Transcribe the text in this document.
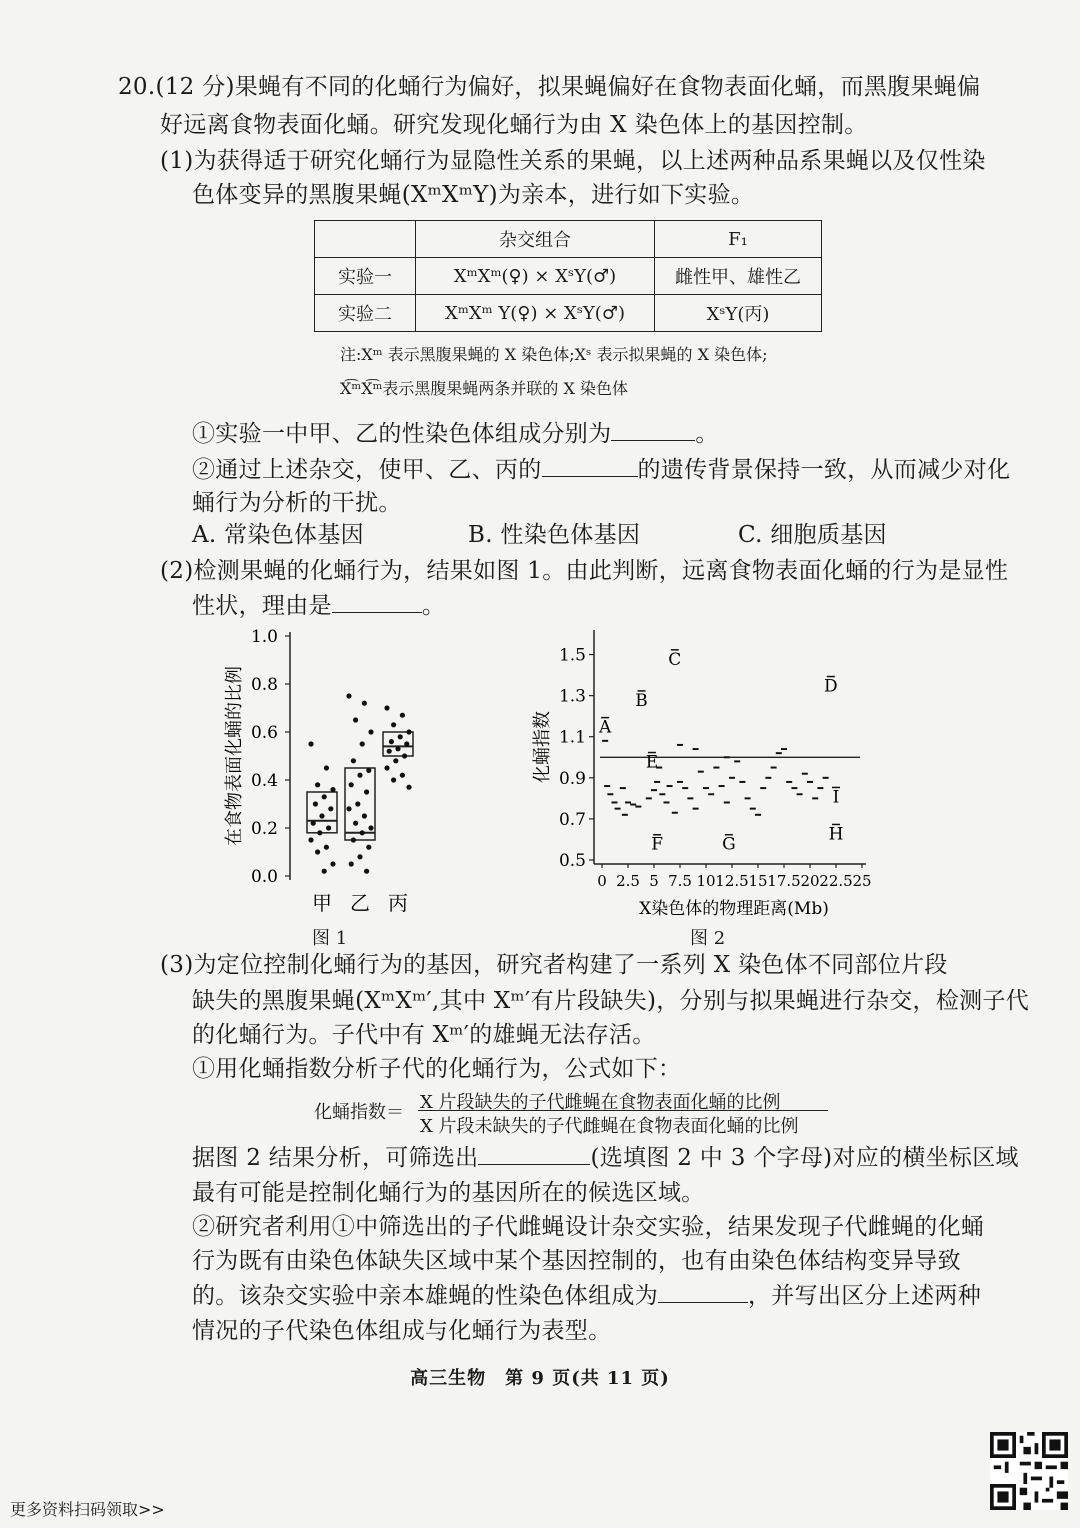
20.(12 分)果蝇有不同的化蛹行为偏好，拟果蝇偏好在食物表面化蛹，而黑腹果蝇偏
好远离食物表面化蛹。研究发现化蛹行为由 X 染色体上的基因控制。
(1)为获得适于研究化蛹行为显隐性关系的果蝇，以上述两种品系果蝇以及仅性染
色体变异的黑腹果蝇(XᵐXᵐY)为亲本，进行如下实验。
	杂交组合	F₁
实验一	XᵐXᵐ(♀) × XˢY(♂)	雌性甲、雄性乙
实验二	XᵐXᵐ Y(♀) × XˢY(♂)	XˢY(丙)
注:Xᵐ 表示黑腹果蝇的 X 染色体;Xˢ 表示拟果蝇的 X 染色体;
X͡ᵐX͡ᵐ表示黑腹果蝇两条并联的 X 染色体
①实验一中甲、乙的性染色体组成分别为	。
②通过上述杂交，使甲、乙、丙的	的遗传背景保持一致，从而减少对化
蛹行为分析的干扰。
A. 常染色体基因	B. 性染色体基因	C. 细胞质基因
(2)检测果蝇的化蛹行为，结果如图 1。由此判断，远离食物表面化蛹的行为是显性
性状，理由是	。
0.0
0.2
0.4
0.6
0.8
1.0
在食物表面化蛹的比例
甲 乙 丙
图 1
0.5
0.7
0.9
1.1
1.3
1.5
0 2.5 5 7.5 10 12.5 15 17.5 20 22.5 25
X染色体的物理距离(Mb)
化蛹指数	A
B
C
D
E
F	G
H
I
图 2
(3)为定位控制化蛹行为的基因，研究者构建了一系列 X 染色体不同部位片段
缺失的黑腹果蝇(XᵐXᵐ′,其中 Xᵐ′有片段缺失)，分别与拟果蝇进行杂交，检测子代
的化蛹行为。子代中有 Xᵐ′的雄蝇无法存活。
①用化蛹指数分析子代的化蛹行为，公式如下：
化蛹指数＝ X 片段缺失的子代雌蝇在食物表面化蛹的比例
X 片段未缺失的子代雌蝇在食物表面化蛹的比例
据图 2 结果分析，可筛选出	(选填图 2 中 3 个字母)对应的横坐标区域
最有可能是控制化蛹行为的基因所在的候选区域。
②研究者利用①中筛选出的子代雌蝇设计杂交实验，结果发现子代雌蝇的化蛹
行为既有由染色体缺失区域中某个基因控制的，也有由染色体结构变异导致
的。该杂交实验中亲本雄蝇的性染色体组成为	，并写出区分上述两种
情况的子代染色体组成与化蛹行为表型。
高三生物　第 9 页(共 11 页)
更多资料扫码领取>>
